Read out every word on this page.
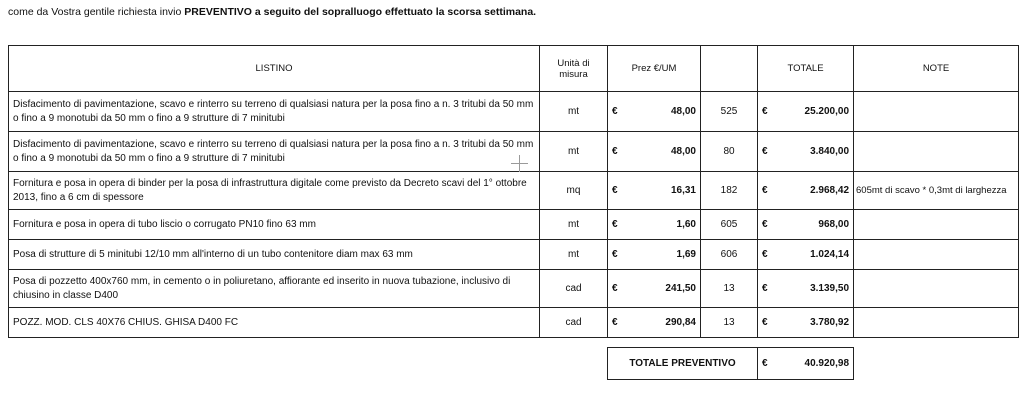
come da Vostra gentile richiesta invio PREVENTIVO a seguito del sopralluogo effettuato la scorsa settimana.
LISTINO	Unità di misura	Prez €/UM			TOTALE		NOTE
Disfacimento di pavimentazione, scavo e rinterro su terreno di qualsiasi natura per la posa fino a n. 3 tritubi da 50 mm o fino a 9 monotubi da 50 mm o fino a 9 strutture di 7 minitubi	mt	€	48,00	525	€	25.200,00	
Disfacimento di pavimentazione, scavo e rinterro su terreno di qualsiasi natura per la posa fino a n. 3 tritubi da 50 mm o fino a 9 monotubi da 50 mm o fino a 9 strutture di 7 minitubi	mt	€	48,00	80	€	3.840,00	
Fornitura e posa in opera di binder per la posa di infrastruttura digitale come previsto da Decreto scavi del 1° ottobre 2013, fino a 6 cm di spessore	mq	€	16,31	182	€	2.968,42	605mt di scavo * 0,3mt di larghezza
Fornitura e posa in opera di tubo liscio o corrugato PN10 fino 63 mm	mt	€	1,60	605	€	968,00	
Posa di strutture di 5 minitubi 12/10 mm all'interno di un tubo contenitore diam max 63 mm	mt	€	1,69	606	€	1.024,14	
Posa di pozzetto 400x760 mm, in cemento o in poliuretano, affiorante ed inserito in nuova tubazione, inclusivo di chiusino in classe D400	cad	€	241,50	13	€	3.139,50	
POZZ. MOD. CLS 40X76 CHIUS. GHISA D400 FC	cad	€	290,84	13	€	3.780,92	

		TOTALE PREVENTIVO			€	40.920,98	
